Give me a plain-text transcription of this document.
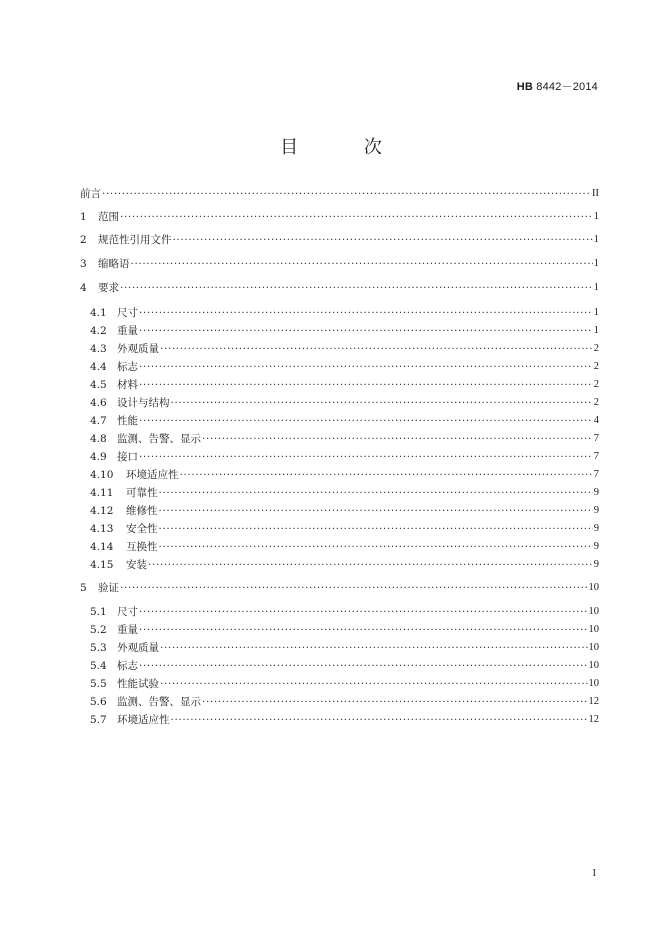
HB 8442－2014
目 次
前言 ·····	II
1	范围 ·····	1
2	规范性引用文件 ·····	1
3	缩略语 ·····	1
4	要求 ·····	1
4.1 尺寸 ·····	1
4.2 重量 ·····	1
4.3 外观质量 ·····	2
4.4 标志 ·····	2
4.5 材料 ·····	2
4.6 设计与结构 ·····	2
4.7 性能 ·····	4
4.8 监测、告警、显示 ·····	7
4.9 接口 ·····	7
4.10	环境适应性 ·····	7
4.11	可靠性 ·····	9
4.12	维修性 ·····	9
4.13	安全性 ·····	9
4.14	互换性 ·····	9
4.15	安装 ·····	9
5	验证 ·····	10
5.1 尺寸 ·····	10
5.2 重量 ·····	10
5.3 外观质量 ·····	10
5.4 标志 ·····	10
5.5 性能试验 ·····	10
5.6 监测、告警、显示 ·····	12
5.7 环境适应性 ·····	12
I
